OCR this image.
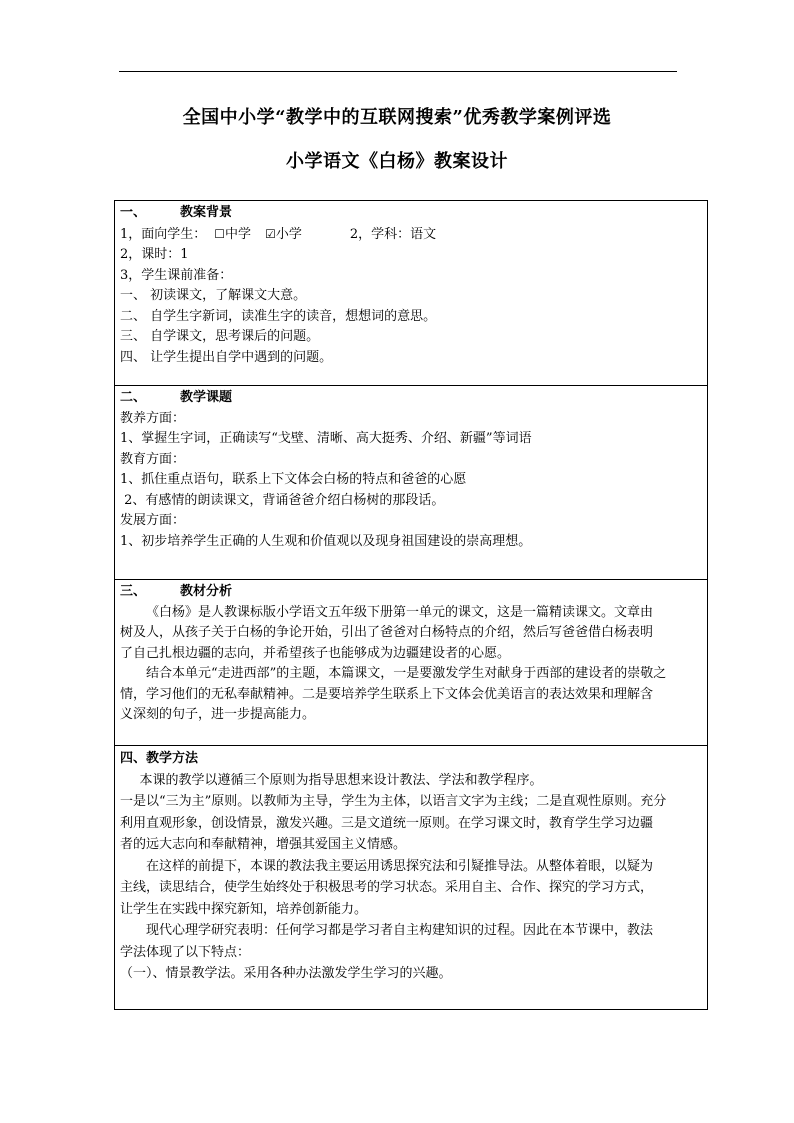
全国中小学“教学中的互联网搜索”优秀教学案例评选
小学语文《白杨》教案设计
一、	教案背景
1，面向学生： ☐中学 ☑小学	2，学科：语文
2，课时：1
3，学生课前准备：
一、 初读课文，了解课文大意。
二、 自学生字新词，读准生字的读音，想想词的意思。
三、 自学课文，思考课后的问题。
四、 让学生提出自学中遇到的问题。
二、	教学课题
教养方面：
1、掌握生字词，正确读写“戈壁、清晰、高大挺秀、介绍、新疆”等词语
教育方面：
1、抓住重点语句，联系上下文体会白杨的特点和爸爸的心愿
2、有感情的朗读课文，背诵爸爸介绍白杨树的那段话。
发展方面：
1、初步培养学生正确的人生观和价值观以及现身祖国建设的崇高理想。
三、	教材分析
《白杨》是人教课标版小学语文五年级下册第一单元的课文，这是一篇精读课文。文章由
树及人，从孩子关于白杨的争论开始，引出了爸爸对白杨特点的介绍，然后写爸爸借白杨表明
了自己扎根边疆的志向，并希望孩子也能够成为边疆建设者的心愿。
结合本单元“走进西部”的主题，本篇课文，一是要激发学生对献身于西部的建设者的崇敬之
情，学习他们的无私奉献精神。二是要培养学生联系上下文体会优美语言的表达效果和理解含
义深刻的句子，进一步提高能力。
四、教学方法
本课的教学以遵循三个原则为指导思想来设计教法、学法和教学程序。
一是以“三为主”原则。以教师为主导，学生为主体，以语言文字为主线；二是直观性原则。充分
利用直观形象，创设情景，激发兴趣。三是文道统一原则。在学习课文时，教育学生学习边疆
者的远大志向和奉献精神，增强其爱国主义情感。
在这样的前提下，本课的教法我主要运用诱思探究法和引疑推导法。从整体着眼，以疑为
主线，读思结合，使学生始终处于积极思考的学习状态。采用自主、合作、探究的学习方式，
让学生在实践中探究新知，培养创新能力。
现代心理学研究表明：任何学习都是学习者自主构建知识的过程。因此在本节课中，教法
学法体现了以下特点：
（一）、情景教学法。采用各种办法激发学生学习的兴趣。
